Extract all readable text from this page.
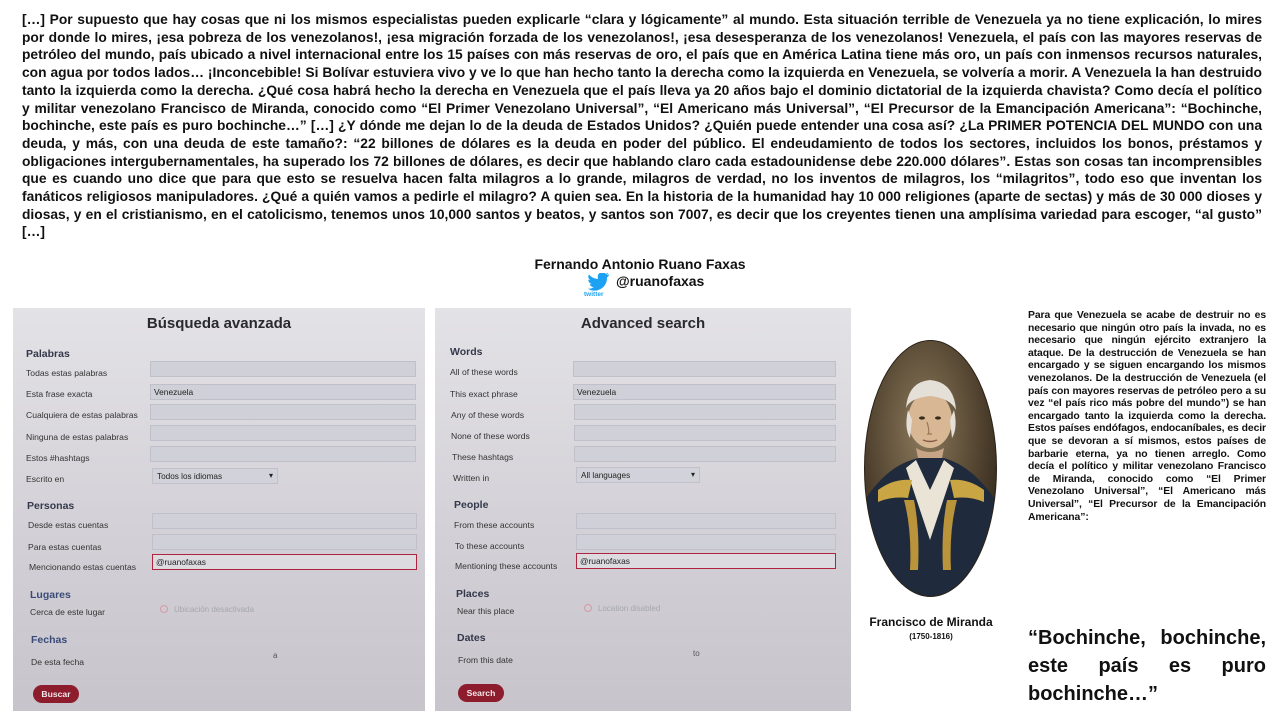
[…] Por supuesto que hay cosas que ni los mismos especialistas pueden explicarle “clara y lógicamente” al mundo. Esta situación terrible de Venezuela ya no tiene explicación, lo mires por donde lo mires, ¡esa pobreza de los venezolanos!, ¡esa migración forzada de los venezolanos!, ¡esa desesperanza de los venezolanos! Venezuela, el país con las mayores reservas de petróleo del mundo, país ubicado a nivel internacional entre los 15 países con más reservas de oro, el país que en América Latina tiene más oro, un país con inmensos recursos naturales, con agua por todos lados… ¡Inconcebible! Si Bolívar estuviera vivo y ve lo que han hecho tanto la derecha como la izquierda en Venezuela, se volvería a morir. A Venezuela la han destruido tanto la izquierda como la derecha. ¿Qué cosa habrá hecho la derecha en Venezuela que el país lleva ya 20 años bajo el dominio dictatorial de la izquierda chavista? Como decía el político y militar venezolano Francisco de Miranda, conocido como “El Primer Venezolano Universal”, “El Americano más Universal”, “El Precursor de la Emancipación Americana”: “Bochinche, bochinche, este país es puro bochinche…” […] ¿Y dónde me dejan lo de la deuda de Estados Unidos? ¿Quién puede entender una cosa así? ¿La PRIMER POTENCIA DEL MUNDO con una deuda, y más, con una deuda de este tamaño?: “22 billones de dólares es la deuda en poder del público. El endeudamiento de todos los sectores, incluidos los bonos, préstamos y obligaciones intergubernamentales, ha superado los 72 billones de dólares, es decir que hablando claro cada estadounidense debe 220.000 dólares”. Estas son cosas tan incomprensibles que es cuando uno dice que para que esto se resuelva hacen falta milagros a lo grande, milagros de verdad, no los inventos de milagros, los “milagritos”, todo eso que inventan los fanáticos religiosos manipuladores. ¿Qué a quién vamos a pedirle el milagro? A quien sea. En la historia de la humanidad hay 10 000 religiones (aparte de sectas) y más de 30 000 dioses y diosas, y en el cristianismo, en el catolicismo, tenemos unos 10,000 santos y beatos, y santos son 7007, es decir que los creyentes tienen una amplísima variedad para escoger, “al gusto” […]
Fernando Antonio Ruano Faxas
twitter
@ruanofaxas
Búsqueda avanzada
Palabras
Todas estas palabras
Esta frase exacta	Venezuela
Cualquiera de estas palabras
Ninguna de estas palabras
Estos #hashtags
Escrito en	Todos los idiomas	▾
Personas
Desde estas cuentas
Para estas cuentas
Mencionando estas cuentas	@ruanofaxas
Lugares
Cerca de este lugar	Ubicación desactivada
Fechas
De esta fecha
a
Buscar
Advanced search
Words
All of these words
This exact phrase	Venezuela
Any of these words
None of these words
These hashtags
Written in	All languages	▾
People
From these accounts
To these accounts
Mentioning these accounts	@ruanofaxas
Places
Near this place	Location disabled
Dates
From this date
to
Search
Francisco de Miranda
(1750-1816)
Para que Venezuela se acabe de destruir no es necesario que ningún otro país la invada, no es necesario que ningún ejército extranjero la ataque. De la destrucción de Venezuela se han encargado y se siguen encargando los mismos venezolanos. De la destrucción de Venezuela (el país con mayores reservas de petróleo pero a su vez “el país rico más pobre del mundo”) se han encargado tanto la izquierda como la derecha. Estos países endófagos, endocaníbales, es decir que se devoran a sí mismos, estos países de barbarie eterna, ya no tienen arreglo. Como decía el político y militar venezolano Francisco de Miranda, conocido como “El Primer Venezolano Universal”, “El Americano más Universal”, “El Precursor de la Emancipación Americana”:
“Bochinche, bochinche, este país es puro bochinche…”
